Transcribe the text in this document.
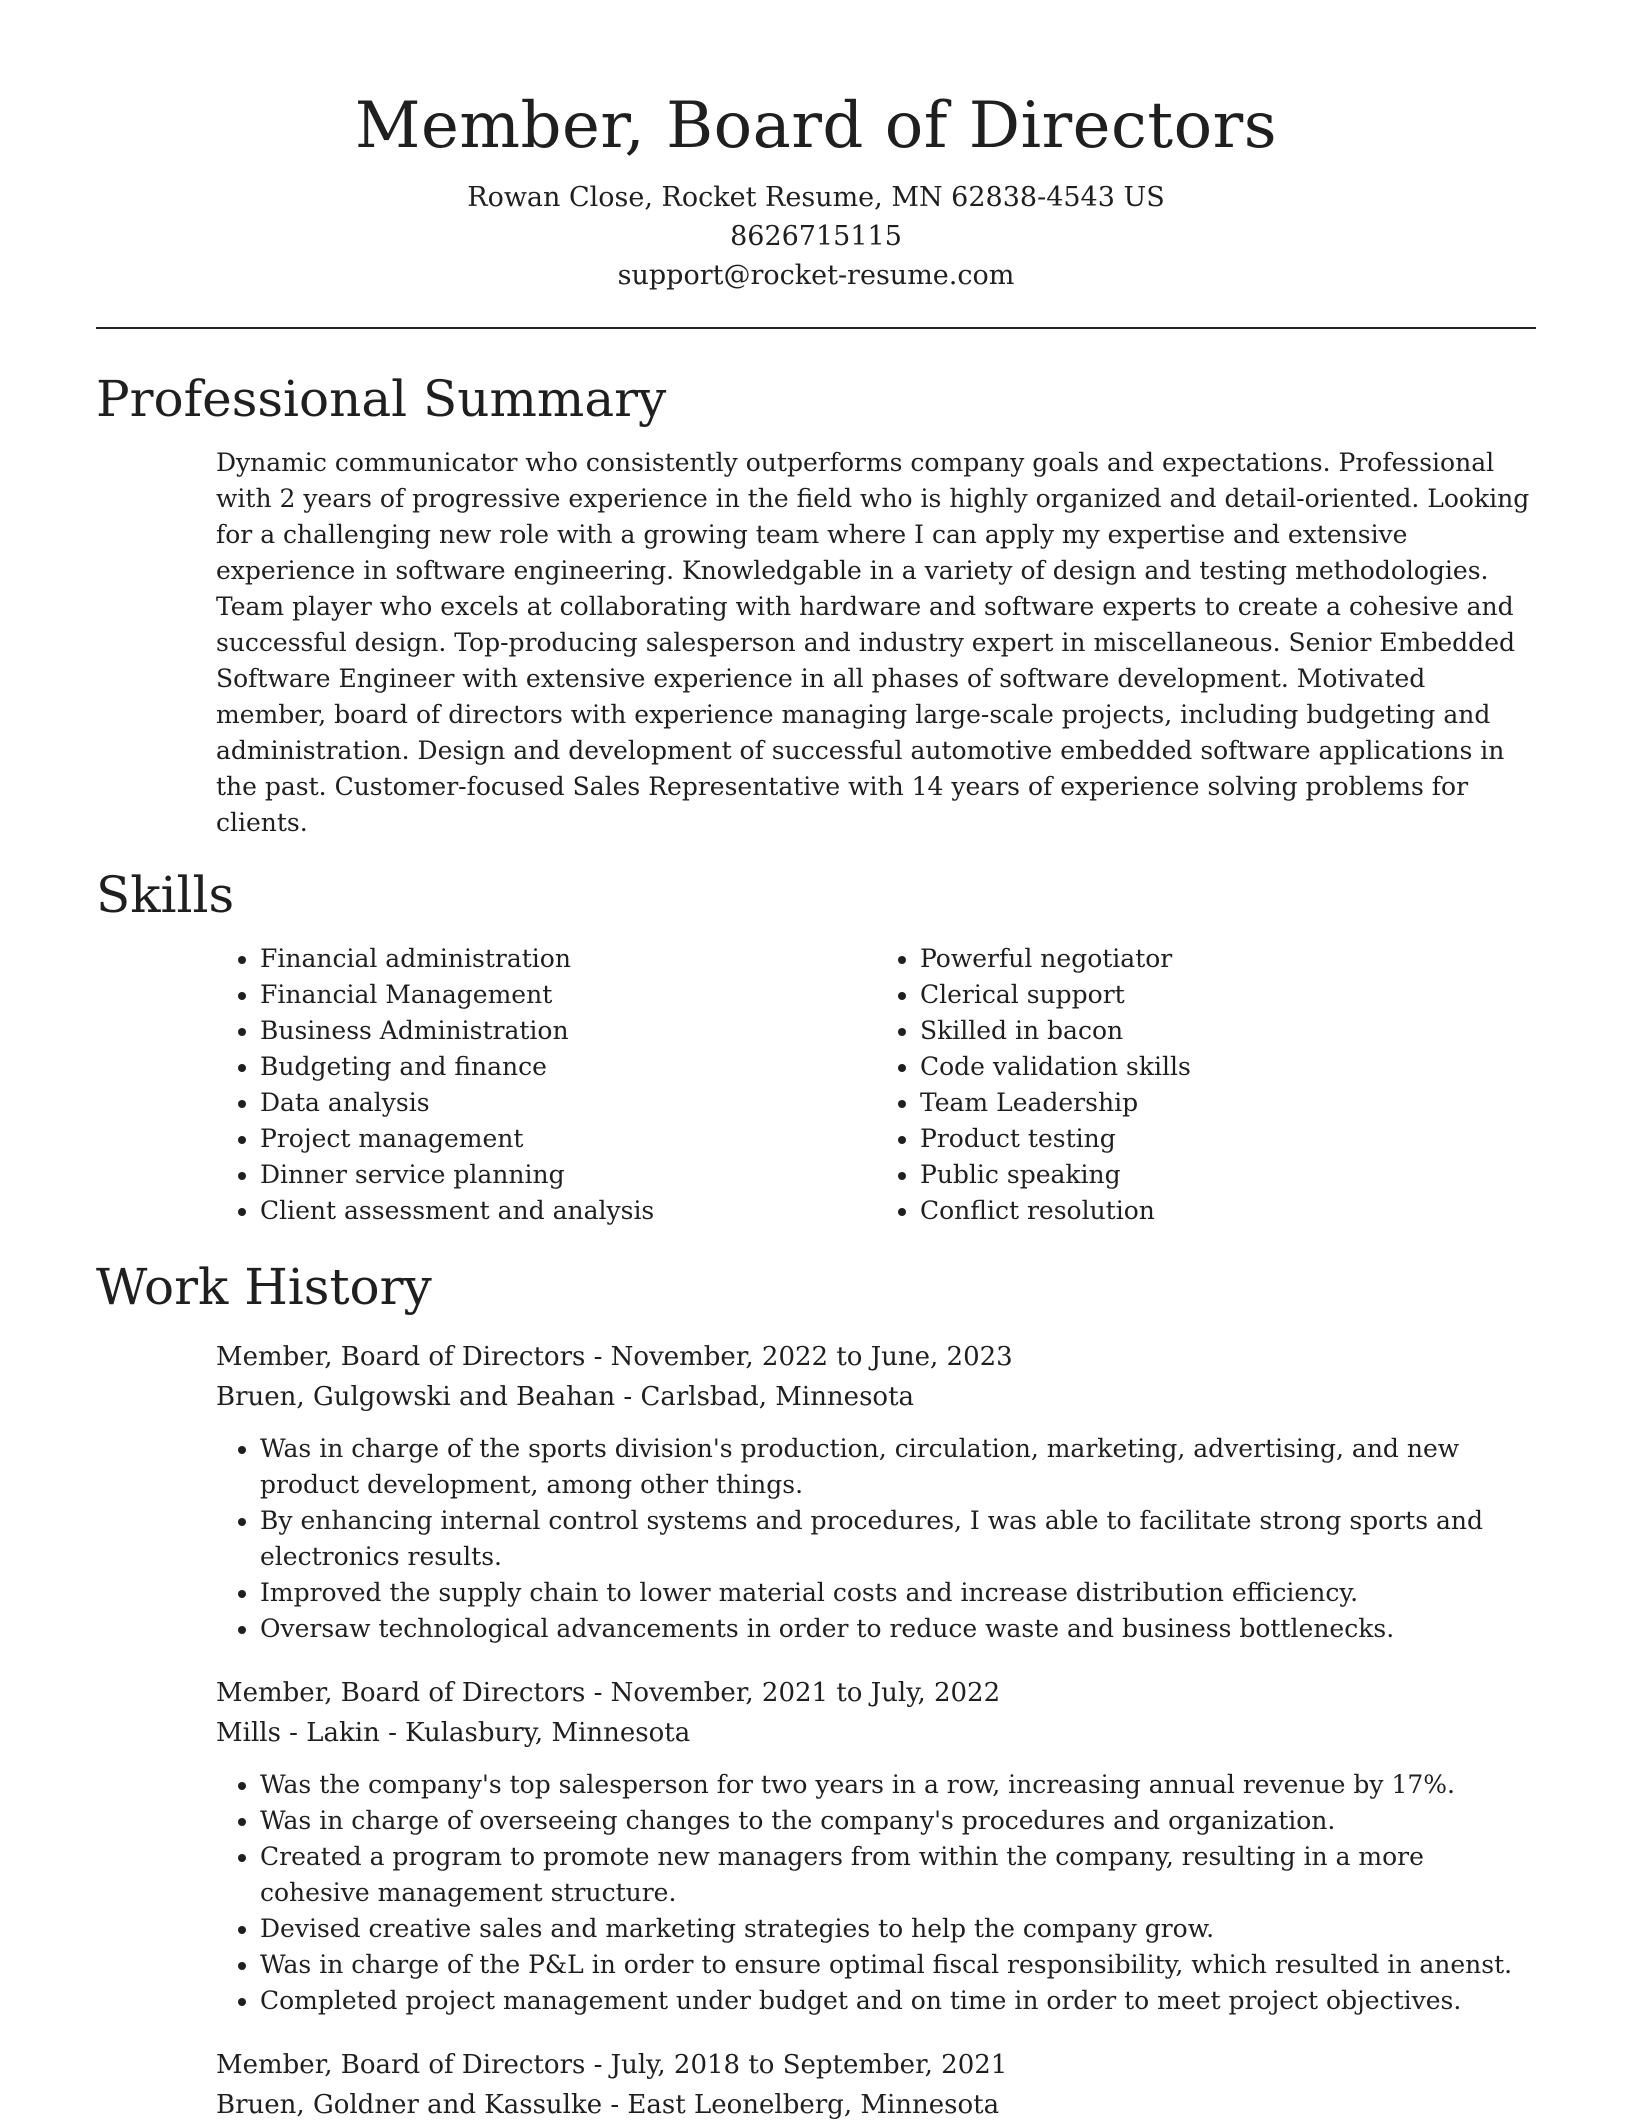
Member, Board of Directors

Rowan Close, Rocket Resume, MN 62838-4543 US

8626715115

support@rocket-resume.com

Professional Summary

Dynamic communicator who consistently outperforms company goals and expectations. Professional with 2 years of progressive experience in the field who is highly organized and detail-oriented. Looking for a challenging new role with a growing team where I can apply my expertise and extensive experience in software engineering. Knowledgable in a variety of design and testing methodologies. Team player who excels at collaborating with hardware and software experts to create a cohesive and successful design. Top-producing salesperson and industry expert in miscellaneous. Senior Embedded Software Engineer with extensive experience in all phases of software development. Motivated member, board of directors with experience managing large-scale projects, including budgeting and administration. Design and development of successful automotive embedded software applications in the past. Customer-focused Sales Representative with 14 years of experience solving problems for clients.

Skills
• Financial administration
• Financial Management
• Business Administration
• Budgeting and finance
• Data analysis
• Project management
• Dinner service planning
• Client assessment and analysis
• Powerful negotiator
• Clerical support
• Skilled in bacon
• Code validation skills
• Team Leadership
• Product testing
• Public speaking
• Conflict resolution
Work History

Member, Board of Directors - November, 2022 to June, 2023

Bruen, Gulgowski and Beahan - Carlsbad, Minnesota

• Was in charge of the sports division's production, circulation, marketing, advertising, and new product development, among other things.
• By enhancing internal control systems and procedures, I was able to facilitate strong sports and electronics results.
• Improved the supply chain to lower material costs and increase distribution efficiency.
• Oversaw technological advancements in order to reduce waste and business bottlenecks.

Member, Board of Directors - November, 2021 to July, 2022

Mills - Lakin - Kulasbury, Minnesota

• Was the company's top salesperson for two years in a row, increasing annual revenue by 17%.
• Was in charge of overseeing changes to the company's procedures and organization.
• Created a program to promote new managers from within the company, resulting in a more cohesive management structure.
• Devised creative sales and marketing strategies to help the company grow.
• Was in charge of the P&L in order to ensure optimal fiscal responsibility, which resulted in anenst.
• Completed project management under budget and on time in order to meet project objectives.

Member, Board of Directors - July, 2018 to September, 2021

Bruen, Goldner and Kassulke - East Leonelberg, Minnesota
